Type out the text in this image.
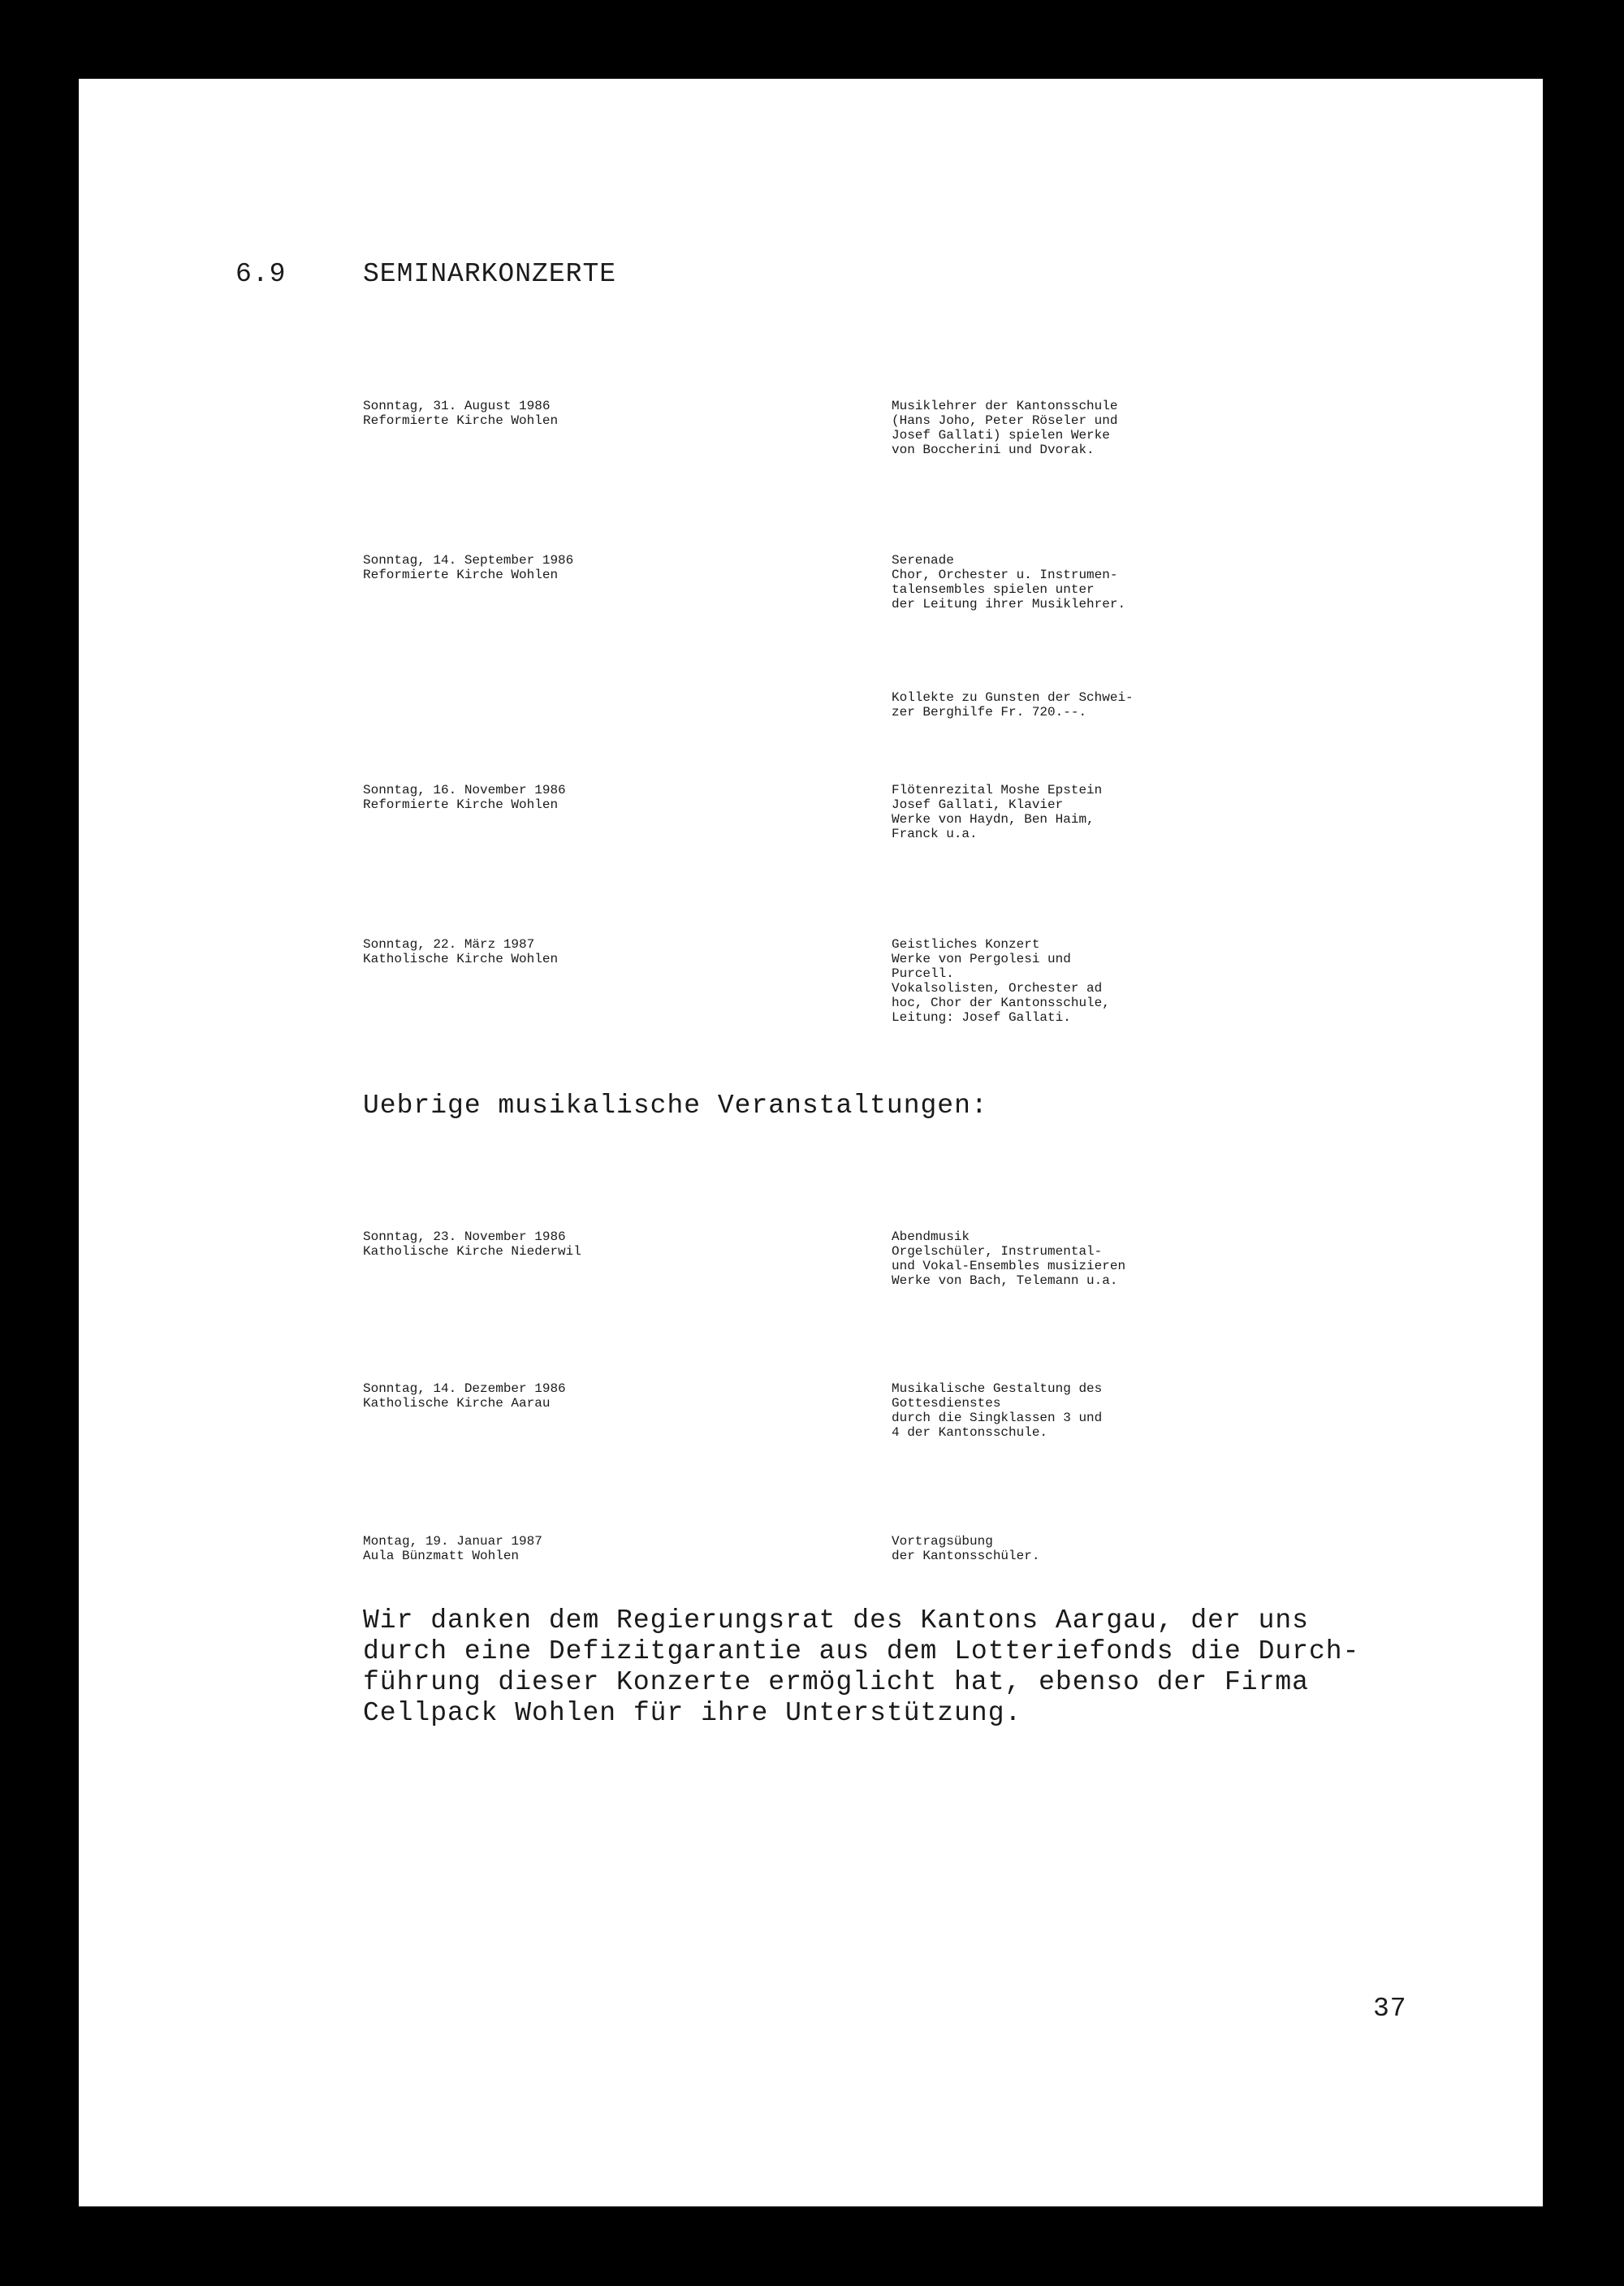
6.9	SEMINARKONZERTE
Sonntag, 31. August 1986
Reformierte Kirche Wohlen
Musiklehrer der Kantonsschule
(Hans Joho, Peter Röseler und
Josef Gallati) spielen Werke
von Boccherini und Dvorak.
Sonntag, 14. September 1986
Reformierte Kirche Wohlen
Serenade
Chor, Orchester u. Instrumen-
talensembles spielen unter
der Leitung ihrer Musiklehrer.
Kollekte zu Gunsten der Schwei-
zer Berghilfe Fr. 720.--.
Sonntag, 16. November 1986
Reformierte Kirche Wohlen
Flötenrezital Moshe Epstein
Josef Gallati, Klavier
Werke von Haydn, Ben Haim,
Franck u.a.
Sonntag, 22. März 1987
Katholische Kirche Wohlen
Geistliches Konzert
Werke von Pergolesi und
Purcell.
Vokalsolisten, Orchester ad
hoc, Chor der Kantonsschule,
Leitung: Josef Gallati.
Uebrige musikalische Veranstaltungen:
Sonntag, 23. November 1986
Katholische Kirche Niederwil
Abendmusik
Orgelschüler, Instrumental-
und Vokal-Ensembles musizieren
Werke von Bach, Telemann u.a.
Sonntag, 14. Dezember 1986
Katholische Kirche Aarau
Musikalische Gestaltung des
Gottesdienstes
durch die Singklassen 3 und
4 der Kantonsschule.
Montag, 19. Januar 1987
Aula Bünzmatt Wohlen
Vortragsübung
der Kantonsschüler.
Wir danken dem Regierungsrat des Kantons Aargau, der uns
durch eine Defizitgarantie aus dem Lotteriefonds die Durch-
führung dieser Konzerte ermöglicht hat, ebenso der Firma
Cellpack Wohlen für ihre Unterstützung.
37
